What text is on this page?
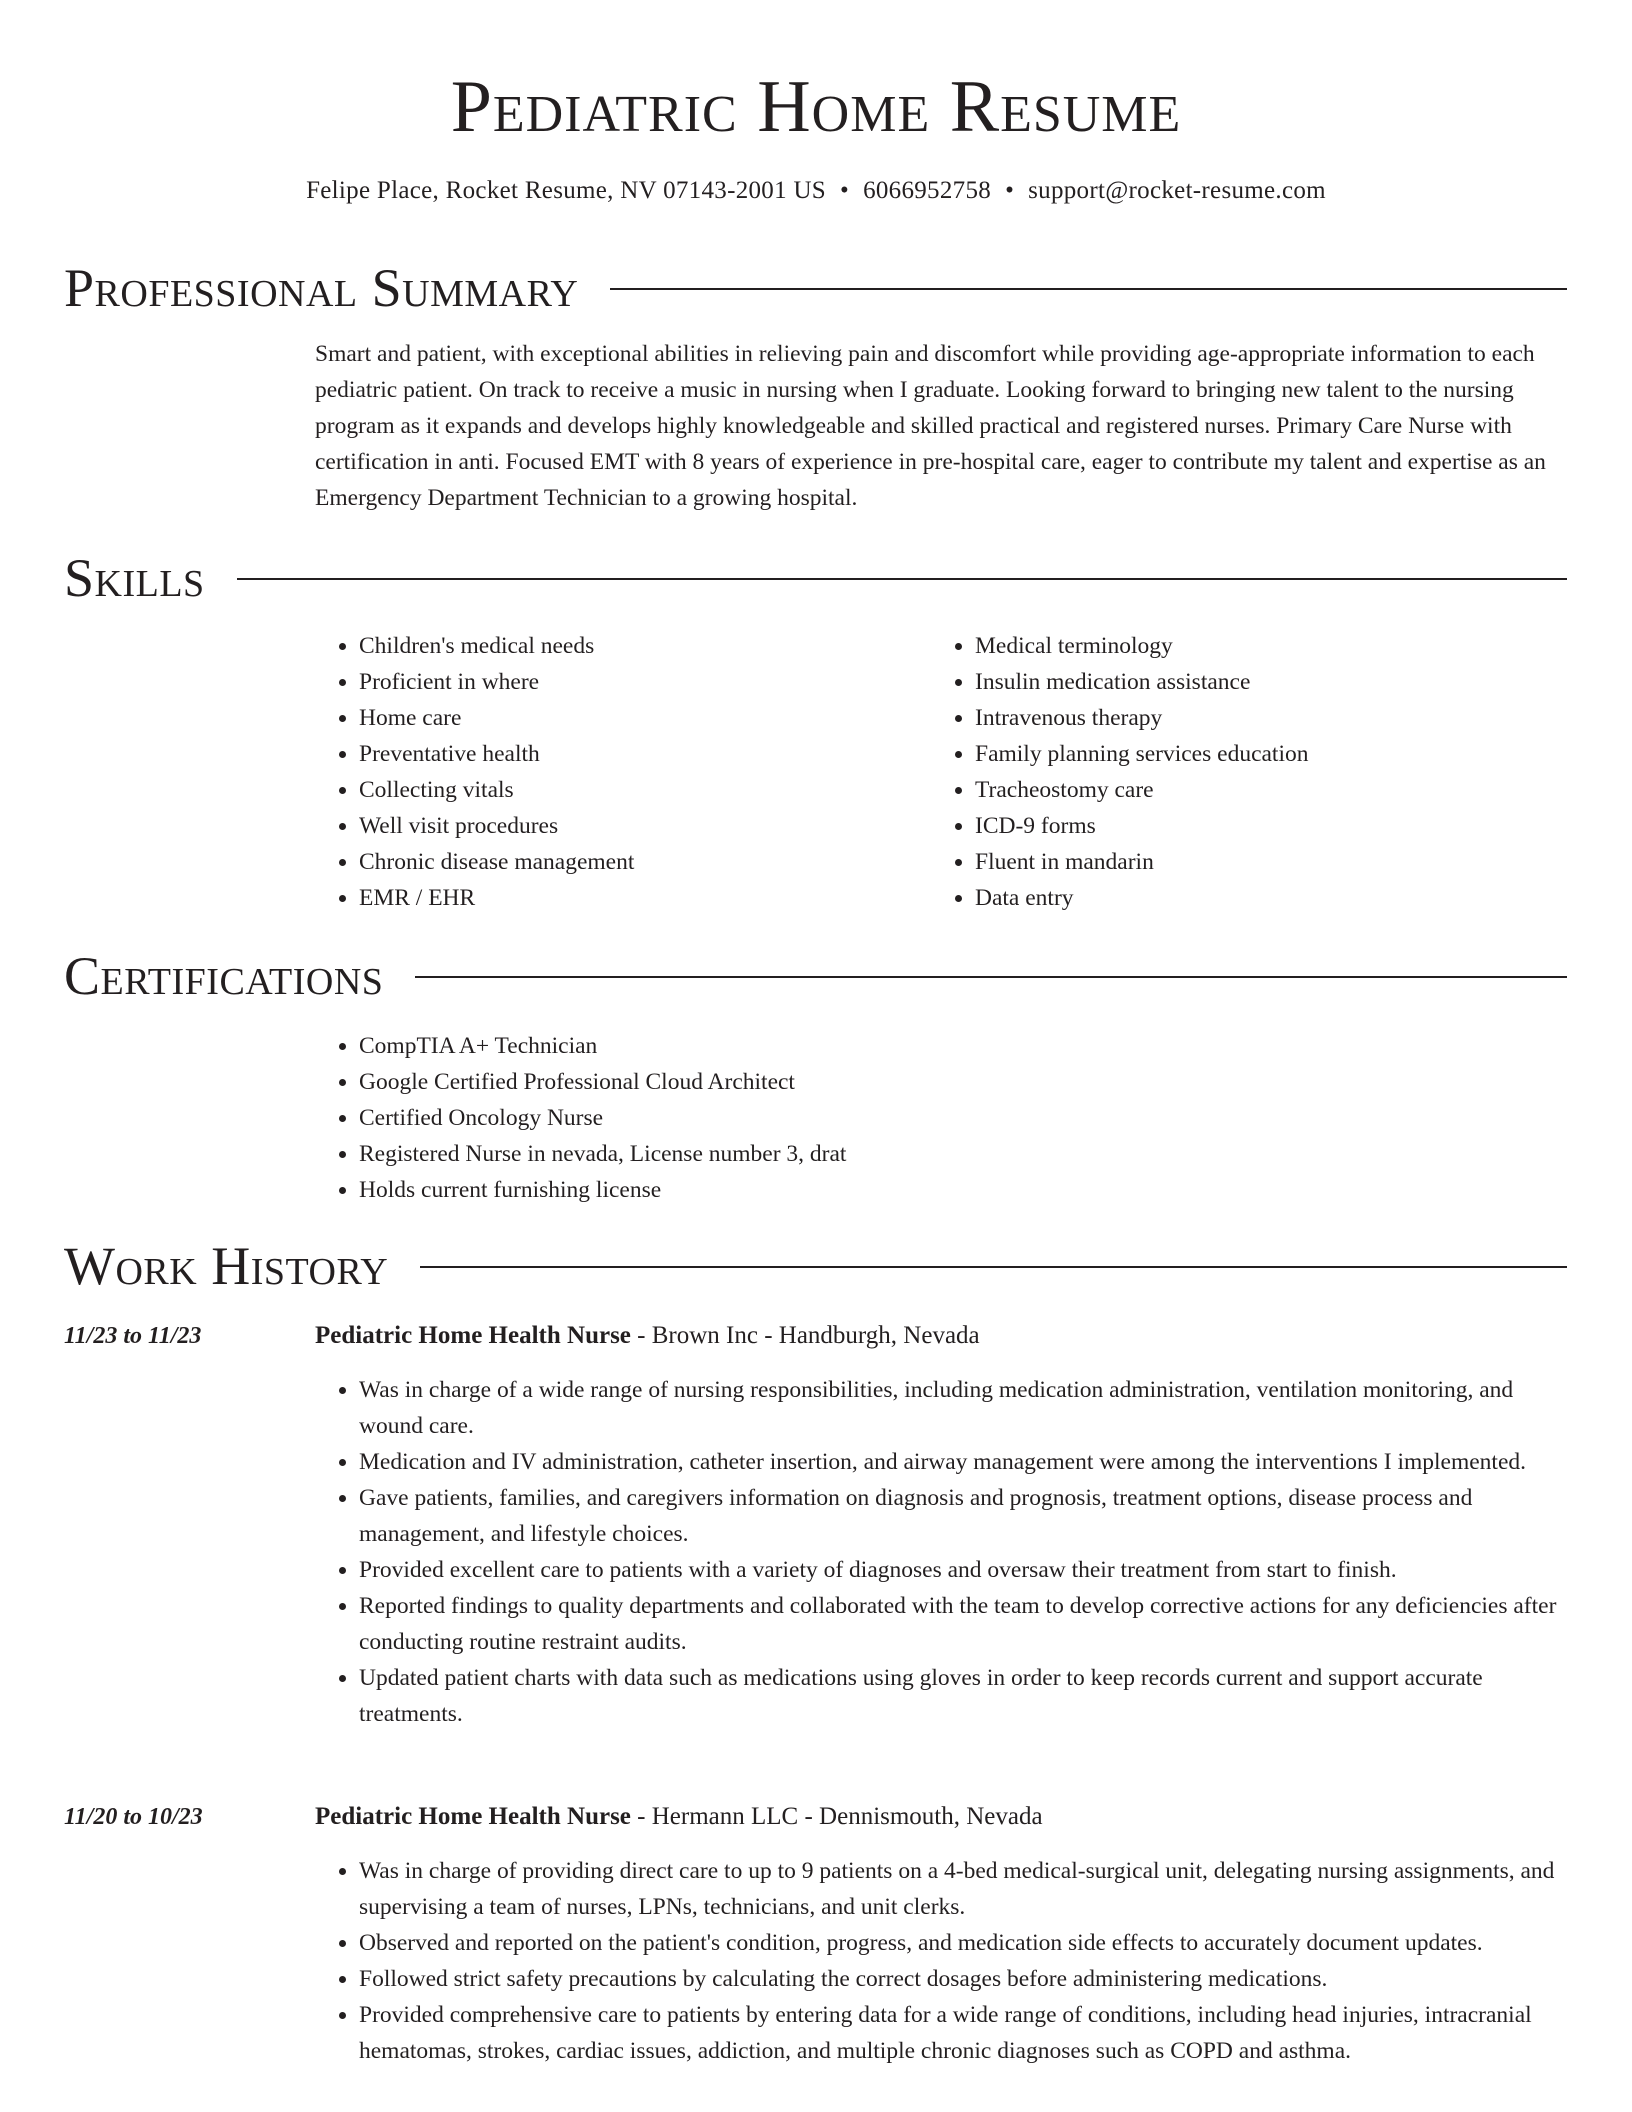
Pediatric Home Resume
Felipe Place, Rocket Resume, NV 07143-2001 US • 6066952758 • support@rocket-resume.com
Professional Summary

Smart and patient, with exceptional abilities in relieving pain and discomfort while providing age-appropriate information to each pediatric patient. On track to receive a music in nursing when I graduate. Looking forward to bringing new talent to the nursing program as it expands and develops highly knowledgeable and skilled practical and registered nurses. Primary Care Nurse with certification in anti. Focused EMT with 8 years of experience in pre-hospital care, eager to contribute my talent and expertise as an Emergency Department Technician to a growing hospital.

Skills
• Children's medical needs
• Proficient in where
• Home care
• Preventative health
• Collecting vitals
• Well visit procedures
• Chronic disease management
• EMR / EHR
• Medical terminology
• Insulin medication assistance
• Intravenous therapy
• Family planning services education
• Tracheostomy care
• ICD-9 forms
• Fluent in mandarin
• Data entry
Certifications
• CompTIA A+ Technician
• Google Certified Professional Cloud Architect
• Certified Oncology Nurse
• Registered Nurse in nevada, License number 3, drat
• Holds current furnishing license
Work History
11/23 to 11/23	Pediatric Home Health Nurse - Brown Inc - Handburgh, Nevada
• Was in charge of a wide range of nursing responsibilities, including medication administration, ventilation monitoring, and wound care.
• Medication and IV administration, catheter insertion, and airway management were among the interventions I implemented.
• Gave patients, families, and caregivers information on diagnosis and prognosis, treatment options, disease process and management, and lifestyle choices.
• Provided excellent care to patients with a variety of diagnoses and oversaw their treatment from start to finish.
• Reported findings to quality departments and collaborated with the team to develop corrective actions for any deficiencies after conducting routine restraint audits.
• Updated patient charts with data such as medications using gloves in order to keep records current and support accurate treatments.
11/20 to 10/23	Pediatric Home Health Nurse - Hermann LLC - Dennismouth, Nevada
• Was in charge of providing direct care to up to 9 patients on a 4-bed medical-surgical unit, delegating nursing assignments, and supervising a team of nurses, LPNs, technicians, and unit clerks.
• Observed and reported on the patient's condition, progress, and medication side effects to accurately document updates.
• Followed strict safety precautions by calculating the correct dosages before administering medications.
• Provided comprehensive care to patients by entering data for a wide range of conditions, including head injuries, intracranial hematomas, strokes, cardiac issues, addiction, and multiple chronic diagnoses such as COPD and asthma.
